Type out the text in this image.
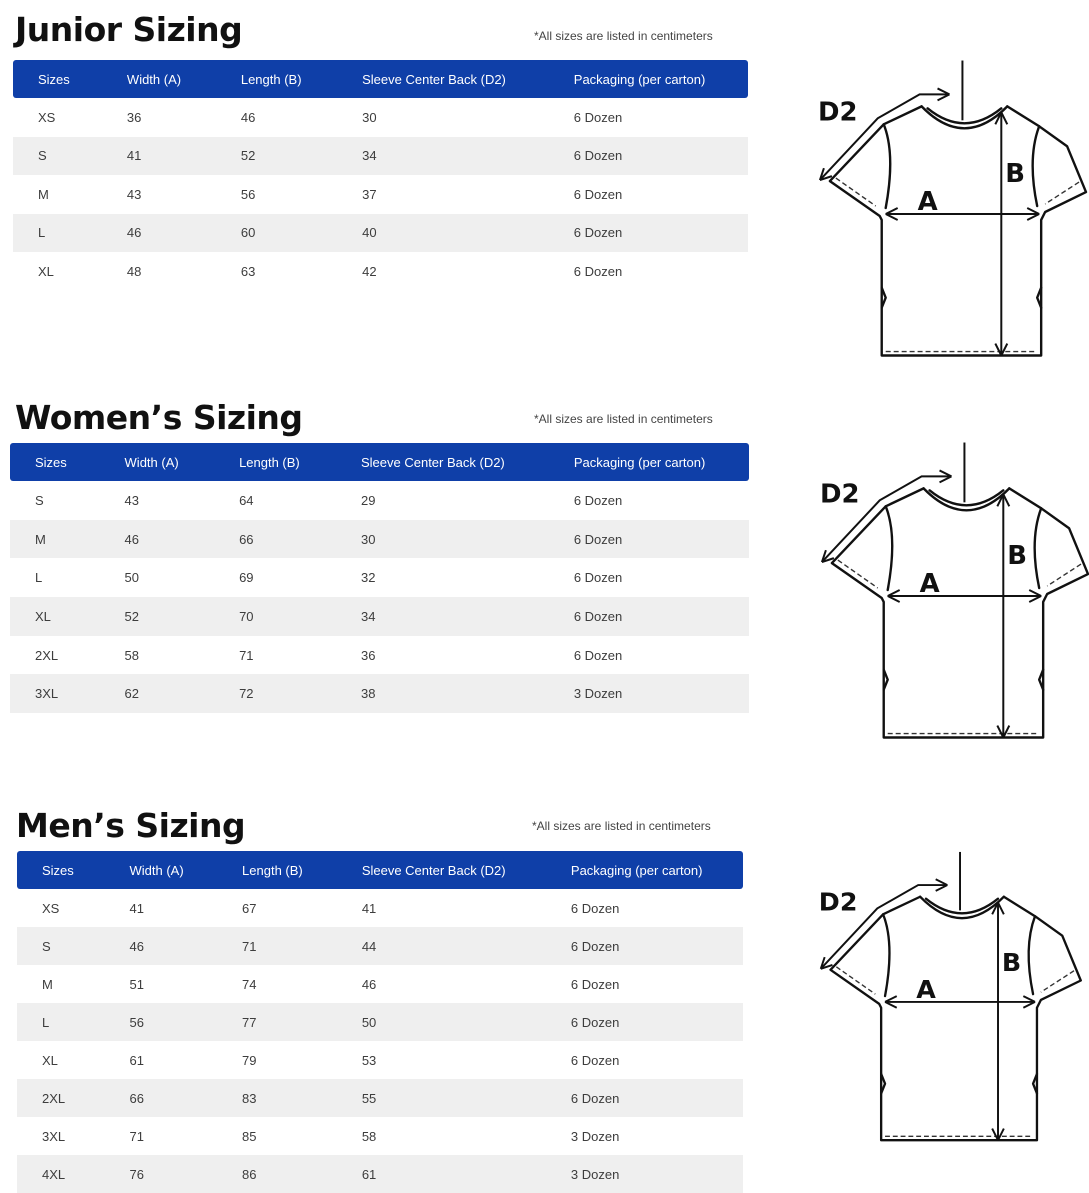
Junior Sizing	*All sizes are listed in centimeters
Sizes	Width (A)	Length (B)	Sleeve Center Back (D2)	Packaging (per carton)
XS	36	46	30	6 Dozen
S	41	52	34	6 Dozen
M	43	56	37	6 Dozen
L	46	60	40	6 Dozen
XL	48	63	42	6 Dozen
Women’s Sizing	*All sizes are listed in centimeters
Sizes	Width (A)	Length (B)	Sleeve Center Back (D2)	Packaging (per carton)
S	43	64	29	6 Dozen
M	46	66	30	6 Dozen
L	50	69	32	6 Dozen
XL	52	70	34	6 Dozen
2XL	58	71	36	6 Dozen
3XL	62	72	38	3 Dozen
Men’s Sizing	*All sizes are listed in centimeters
Sizes	Width (A)	Length (B)	Sleeve Center Back (D2)	Packaging (per carton)
XS	41	67	41	6 Dozen
S	46	71	44	6 Dozen
M	51	74	46	6 Dozen
L	56	77	50	6 Dozen
XL	61	79	53	6 Dozen
2XL	66	83	55	6 Dozen
3XL	71	85	58	3 Dozen
4XL	76	86	61	3 Dozen
D2
A
B
D2
A
B
D2
A
B
